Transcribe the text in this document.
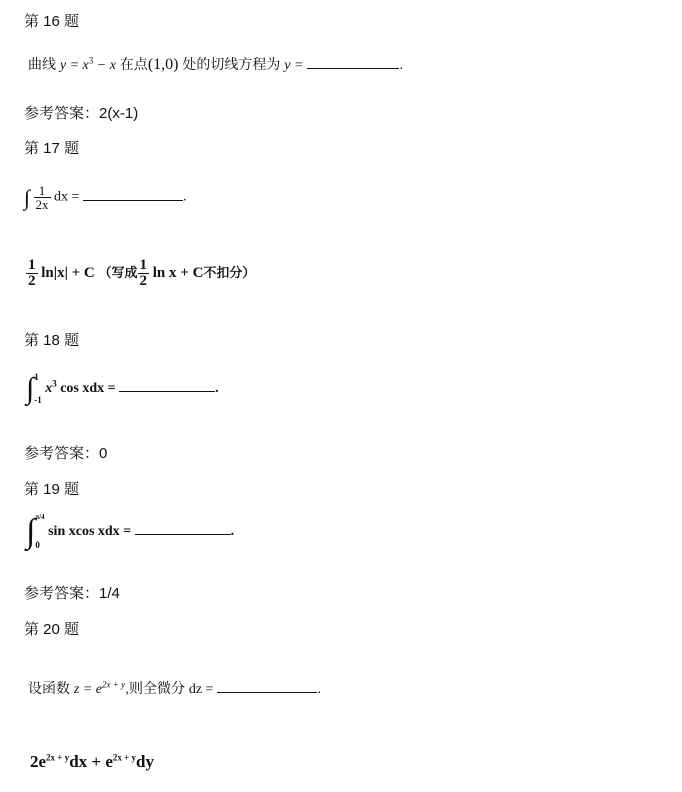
第 16 题
曲线 $y = x^3 - x$ 在点(1,0) 处的切线方程为 y =	.
参考答案：2(x-1)
第 17 题
∫ $\frac{1}{2x}$ dx =	.
$\frac{1}{2} \ln|x| + C$ （写成 $\frac{1}{2}$ ln x + C不扣分）
第 18 题
∫ 1
-1
$x^3$ cos xdx =	.
参考答案：0
第 19 题
∫ π/4
0
sin xcos xdx =	.
参考答案：1/4
第 20 题
设函数 $z = e^{2x + y}$,则全微分 dz =	.
$2e^{2x + y}dx + e^{2x + y}dy$
